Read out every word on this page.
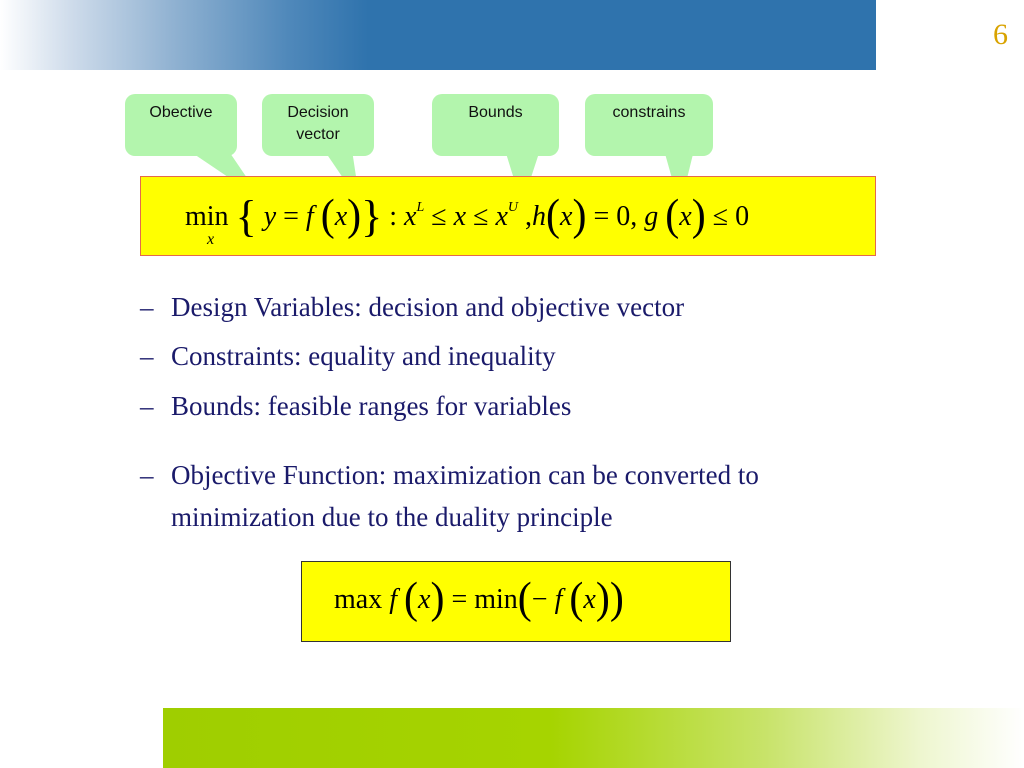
6
Obective	Decision vector
Bounds	constrains
min { y = f (x)} : $x^L \le x \le x^U$ ,h(x) = 0, g (x) ≤ 0
x
– Design Variables: decision and objective vector
– Constraints: equality and inequality
– Bounds: feasible ranges for variables
– Objective Function: maximization can be converted to
minimization due to the duality principle
max f (x) = min(− f (x))
